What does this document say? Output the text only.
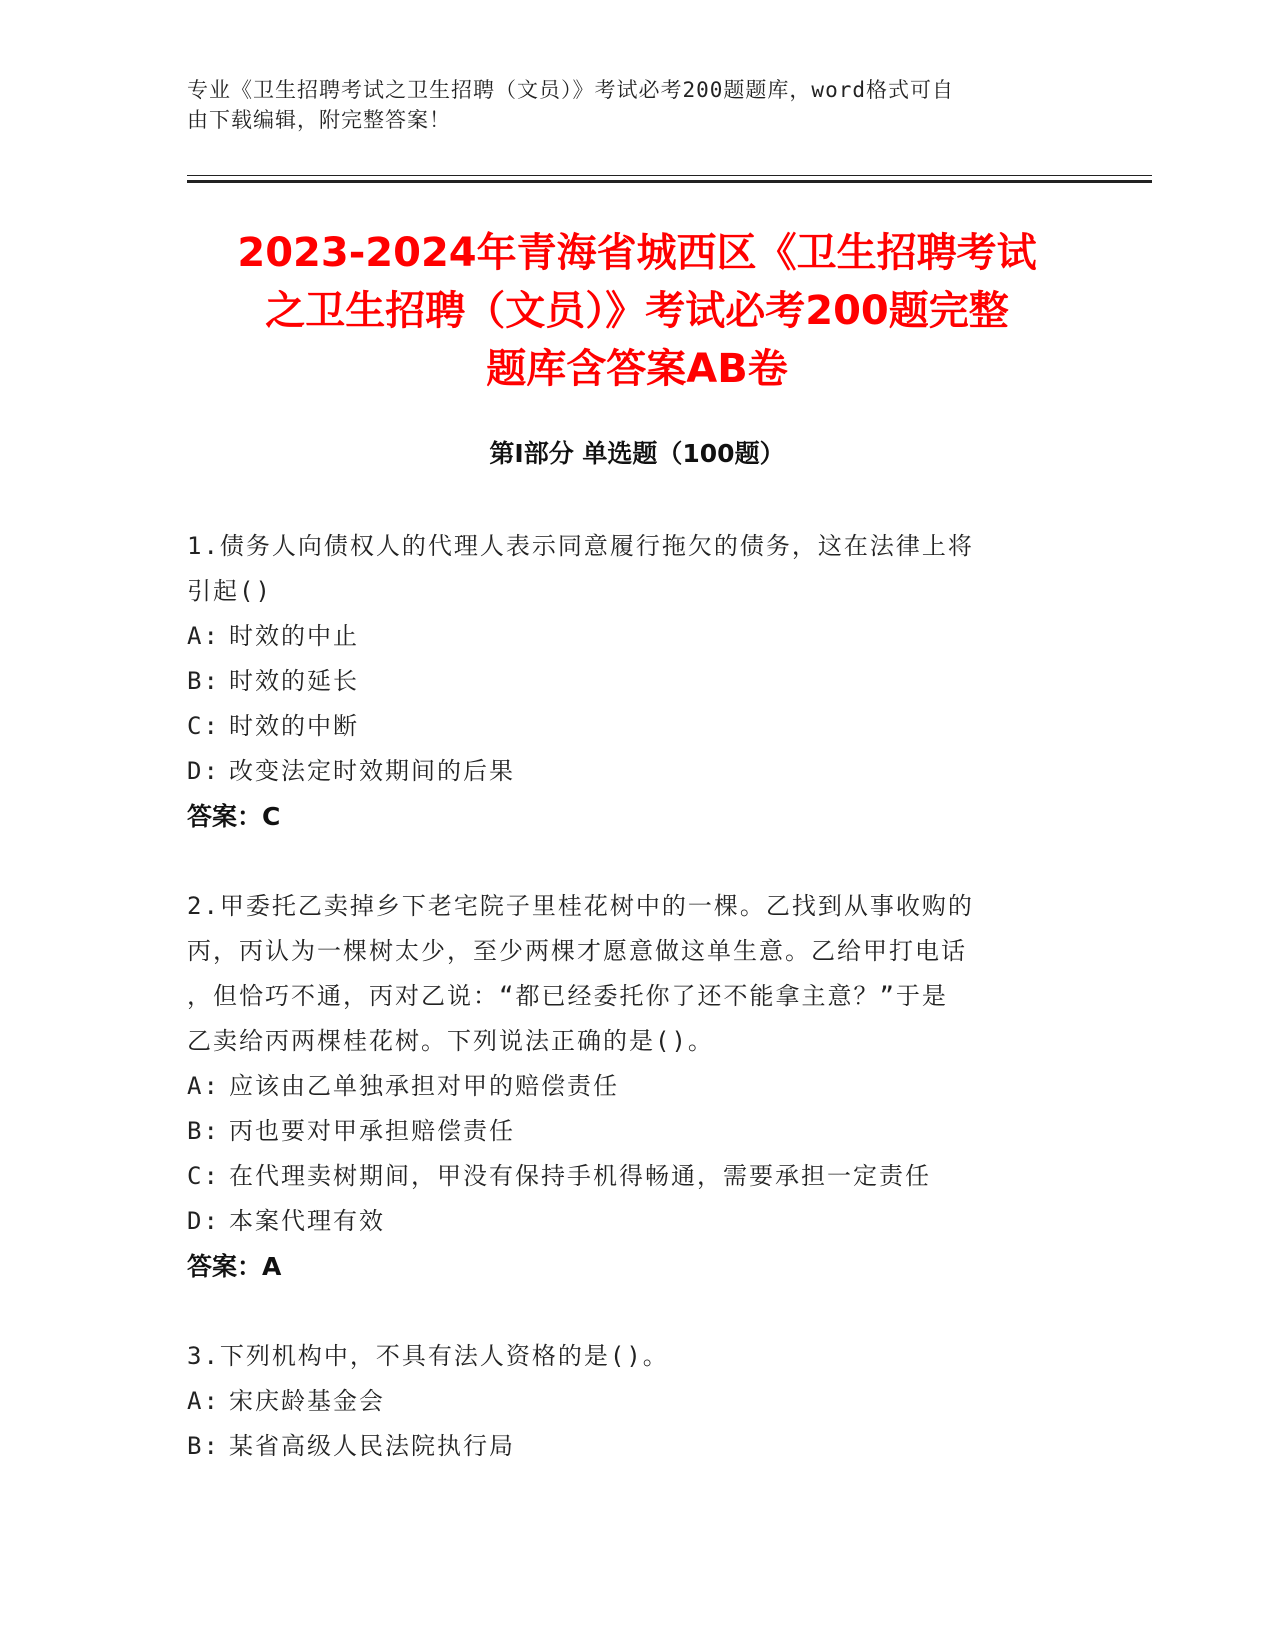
专业《卫生招聘考试之卫生招聘（文员）》考试必考200题题库，word格式可自
由下载编辑，附完整答案！
2023-2024年青海省城西区《卫生招聘考试
之卫生招聘（文员）》考试必考200题完整
题库含答案AB卷
第Ⅰ部分 单选题（100题）
1.债务人向债权人的代理人表示同意履行拖欠的债务，这在法律上将
引起()
A: 时效的中止
B: 时效的延长
C: 时效的中断
D: 改变法定时效期间的后果
答案：C
2.甲委托乙卖掉乡下老宅院子里桂花树中的一棵。乙找到从事收购的
丙，丙认为一棵树太少，至少两棵才愿意做这单生意。乙给甲打电话
，但恰巧不通，丙对乙说：“都已经委托你了还不能拿主意？”于是
乙卖给丙两棵桂花树。下列说法正确的是()。
A: 应该由乙单独承担对甲的赔偿责任
B: 丙也要对甲承担赔偿责任
C: 在代理卖树期间，甲没有保持手机得畅通，需要承担一定责任
D: 本案代理有效
答案：A
3.下列机构中，不具有法人资格的是()。
A: 宋庆龄基金会
B: 某省高级人民法院执行局
